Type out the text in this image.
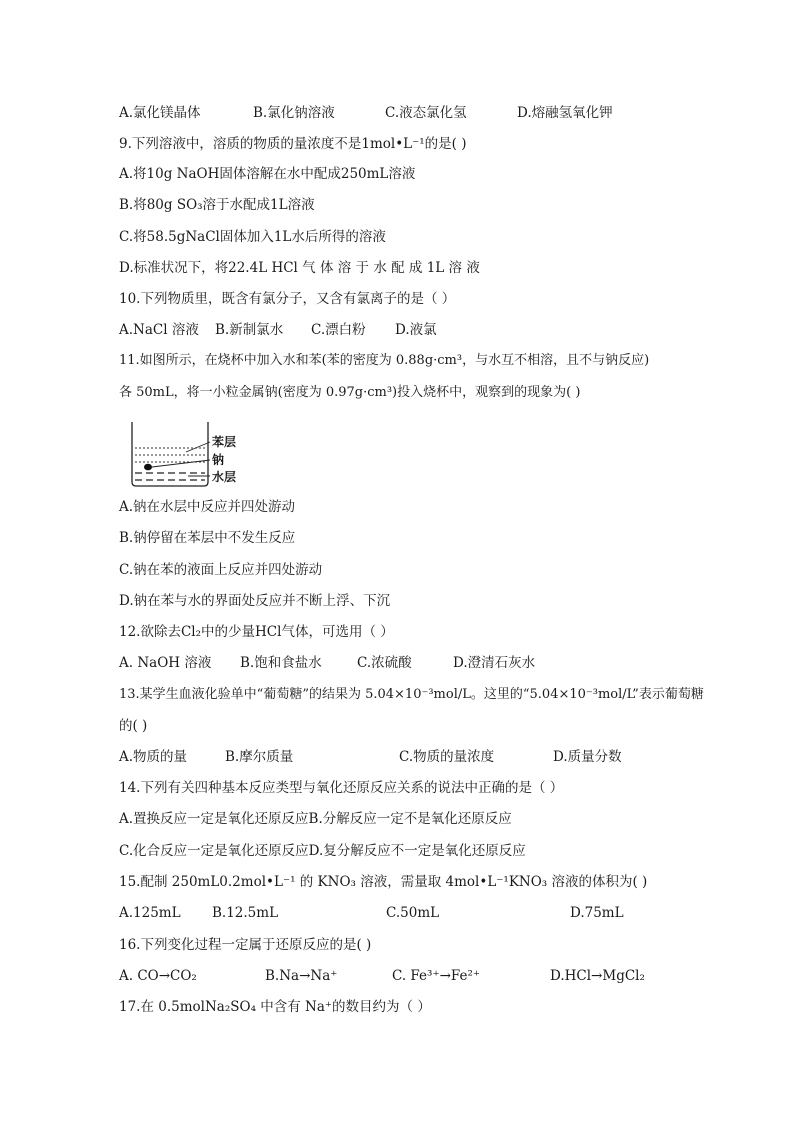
A.氯化镁晶体	B.氯化钠溶液	C.液态氯化氢	D.熔融氢氧化钾
9.下列溶液中，溶质的物质的量浓度不是1mol•L⁻¹的是( )
A.将10g NaOH固体溶解在水中配成250mL溶液
B.将80g SO₃溶于水配成1L溶液
C.将58.5gNaCl固体加入1L水后所得的溶液
D.标准状况下，将22.4L HCl 气 体 溶 于 水 配 成 1L 溶 液
10.下列物质里，既含有氯分子，又含有氯离子的是（ ）
A.NaCl 溶液 B.新制氯水 C.漂白粉 D.液氯
11.如图所示，在烧杯中加入水和苯(苯的密度为 0.88g·cm³，与水互不相溶，且不与钠反应)
各 50mL，将一小粒金属钠(密度为 0.97g·cm³)投入烧杯中，观察到的现象为( )
苯层
钠
水层
A.钠在水层中反应并四处游动
B.钠停留在苯层中不发生反应
C.钠在苯的液面上反应并四处游动
D.钠在苯与水的界面处反应并不断上浮、下沉
12.欲除去Cl₂中的少量HCl气体，可选用（ ）
A. NaOH 溶液 B.饱和食盐水	C.浓硫酸	D.澄清石灰水
13.某学生血液化验单中“葡萄糖”的结果为 5.04×10⁻³mol/L。这里的“5.04×10⁻³mol/L”表示葡萄糖
的( )
A.物质的量	B.摩尔质量	C.物质的量浓度	D.质量分数
14.下列有关四种基本反应类型与氧化还原反应关系的说法中正确的是（ ）
A.置换反应一定是氧化还原反应B.分解反应一定不是氧化还原反应
C.化合反应一定是氧化还原反应D.复分解反应不一定是氧化还原反应
15.配制 250mL0.2mol•L⁻¹ 的 KNO₃ 溶液，需量取 4mol•L⁻¹KNO₃ 溶液的体积为( )
A.125mL B.12.5mL	C.50mL	D.75mL
16.下列变化过程一定属于还原反应的是( )
A. CO→CO₂	B.Na→Na⁺	C. Fe³⁺→Fe²⁺	D.HCl→MgCl₂
17.在 0.5molNa₂SO₄ 中含有 Na⁺的数目约为（ ）
